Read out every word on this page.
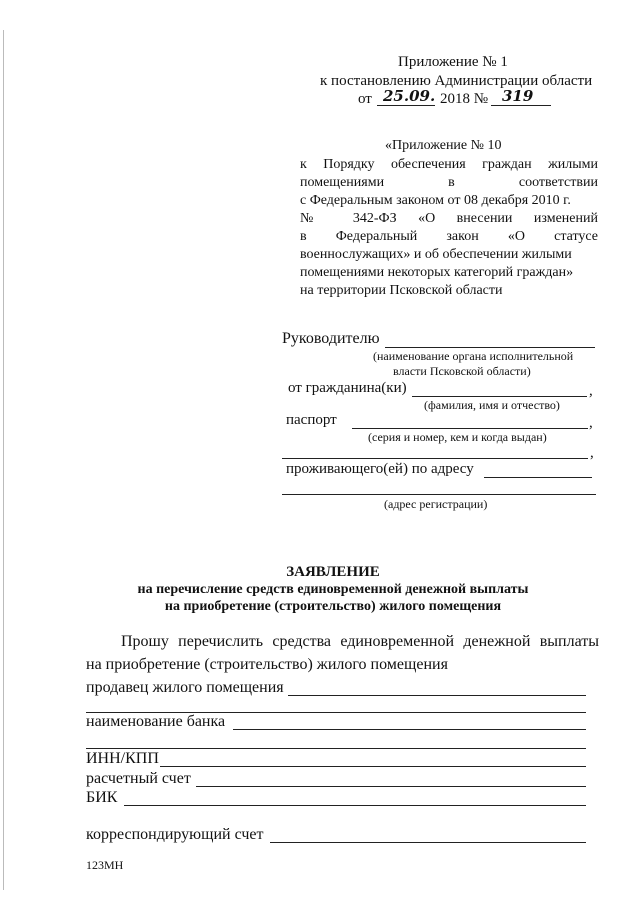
Приложение № 1
к постановлению Администрации области
от 25.09. 2018 № 319
«Приложение № 10
к Порядку обеспечения граждан жилыми
помещениями в соответствии
с Федеральным законом от 08 декабря 2010 г.
№ 342-ФЗ «О внесении изменений
в Федеральный закон «О статусе
военнослужащих» и об обеспечении жилыми
помещениями некоторых категорий граждан»
на территории Псковской области
Руководителю
(наименование органа исполнительной
власти Псковской области)
от гражданина(ки)	,
(фамилия, имя и отчество)
паспорт	,
(серия и номер, кем и когда выдан)
,
проживающего(ей) по адресу
(адрес регистрации)
ЗАЯВЛЕНИЕ
на перечисление средств единовременной денежной выплаты
на приобретение (строительство) жилого помещения
Прошу перечислить средства единовременной денежной выплаты
на приобретение (строительство) жилого помещения
продавец жилого помещения
наименование банка
ИНН/КПП
расчетный счет
БИК
корреспондирующий счет
123МН
